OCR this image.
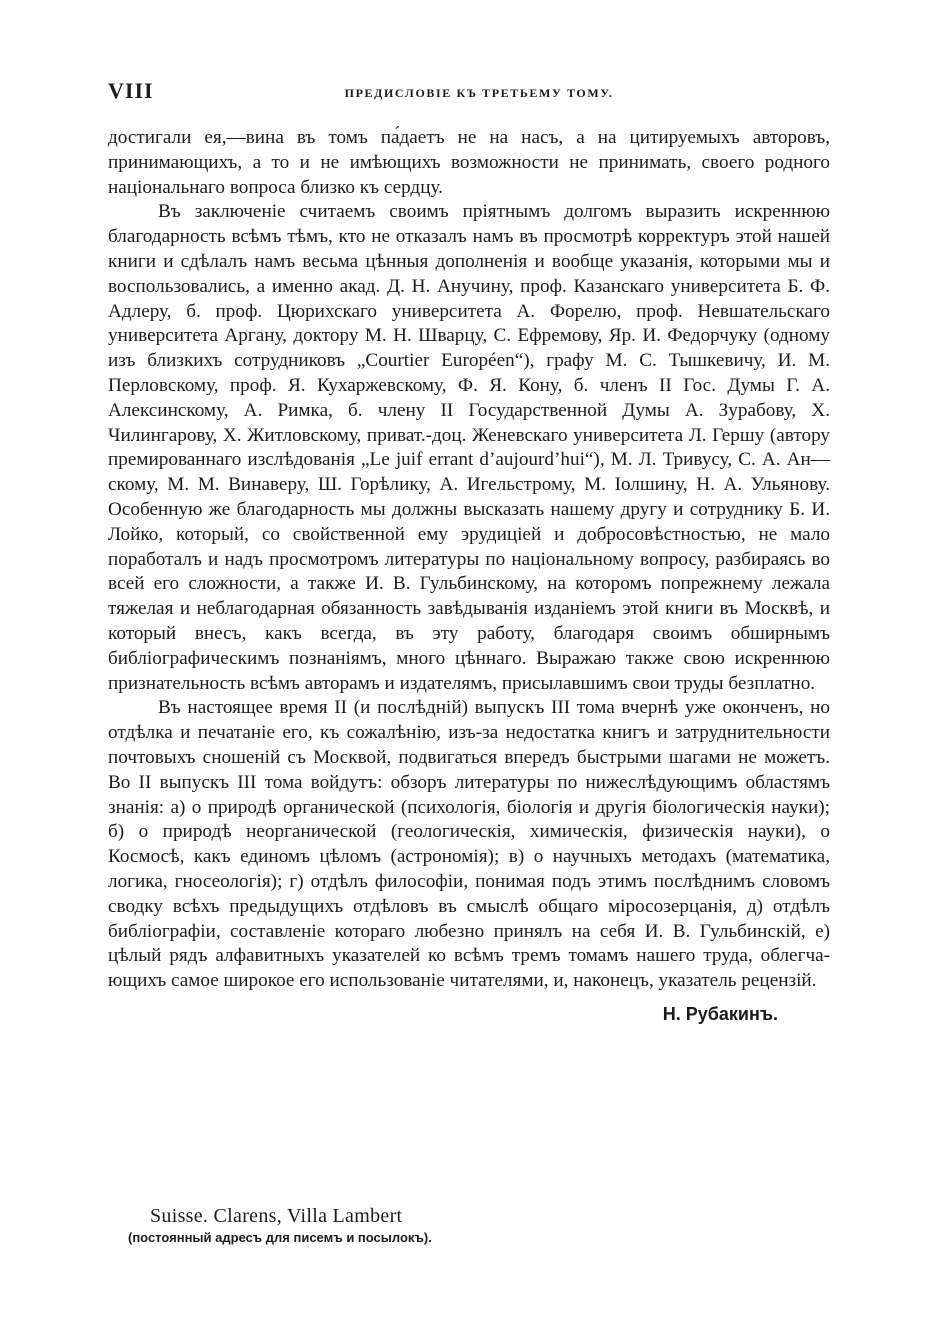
VIII	ПРЕДИСЛОВІЕ КЪ ТРЕТЬЕМУ ТОМУ.

достигали ея,—вина въ томъ па́даетъ не на насъ, а на цитируемыхъ авторовъ, принимающихъ, а то и не имѣющихъ возможности не принимать, своего родного національнаго вопроса близко къ сердцу.

Въ заключеніе считаемъ своимъ пріятнымъ долгомъ выразить искреннюю благодарность всѣмъ тѣмъ, кто не отказалъ намъ въ просмотрѣ корректуръ этой нашей книги и сдѣлалъ намъ весьма цѣнныя дополненія и вообще указанія, которыми мы и воспользовались, а именно акад. Д. Н. Анучину, проф. Казанскаго университета Б. Ф. Адлеру, б. проф. Цюрихскаго университета А. Форелю, проф. Невшательскаго университета Аргану, доктору М. Н. Шварцу, С. Ефремову, Яр. И. Федорчуку (одному изъ близкихъ сотрудниковъ „Courtier Européen“), графу М. С. Тышкевичу, И. М. Перловскому, проф. Я. Кухаржевскому, Ф. Я. Кону, б. членъ II Гос. Думы Г. А. Алексинскому, А. Римка, б. члену II Государственной Думы А. Зурабову, Х. Чилингарову, Х. Житловскому, приват.-доц. Женевскаго университета Л. Гершу (автору премированнаго изслѣдованія „Le juif errant d’aujourd’hui“), М. Л. Тривусу, С. А. Ан—скому, М. М. Винаверу, Ш. Горѣлику, А. Игельстрому, М. Іолшину, Н. А. Ульянову. Особенную же благодарность мы должны высказать нашему другу и сотруднику Б. И. Лойко, который, со свойственной ему эрудиціей и добросовѣстностью, не мало поработалъ и надъ просмотромъ литературы по національному вопросу, разбираясь во всей его сложности, а также И. В. Гульбинскому, на которомъ попрежнему лежала тяжелая и неблагодарная обязанность завѣдыванія изданіемъ этой книги въ Москвѣ, и который внесъ, какъ всегда, въ эту работу, благодаря своимъ обширнымъ библіографическимъ познаніямъ, много цѣннаго. Выражаю также свою искреннюю признательность всѣмъ авторамъ и издателямъ, присылавшимъ свои труды безплатно.

Въ настоящее время II (и послѣдній) выпускъ III тома вчернѣ уже оконченъ, но отдѣлка и печатаніе его, къ сожалѣнію, изъ-за недостатка книгъ и затруднительности почтовыхъ сношеній съ Москвой, подвигаться впередъ быстрыми шагами не можетъ. Во II выпускъ III тома войдутъ: обзоръ литературы по нижеслѣдующимъ областямъ знанія: а) о природѣ органической (психологія, біологія и другія біологическія науки); б) о природѣ неорганической (геологическія, химическія, физическія науки), о Космосѣ, какъ единомъ цѣломъ (астрономія); в) о научныхъ методахъ (математика, логика, гносеологія); г) отдѣлъ философіи, понимая подъ этимъ послѣднимъ словомъ сводку всѣхъ предыдущихъ отдѣловъ въ смыслѣ общаго міросозерцанія, д) отдѣлъ библіографіи, составленіе котораго любезно принялъ на себя И. В. Гульбинскій, е) цѣлый рядъ алфавитныхъ указателей ко всѣмъ тремъ томамъ нашего труда, облегчающихъ самое широкое его использованіе читателями, и, наконецъ, указатель рецензій.

Н. Рубакинъ.

Suisse. Clarens, Villa Lambert
(постоянный адресъ для писемъ и посылокъ).
